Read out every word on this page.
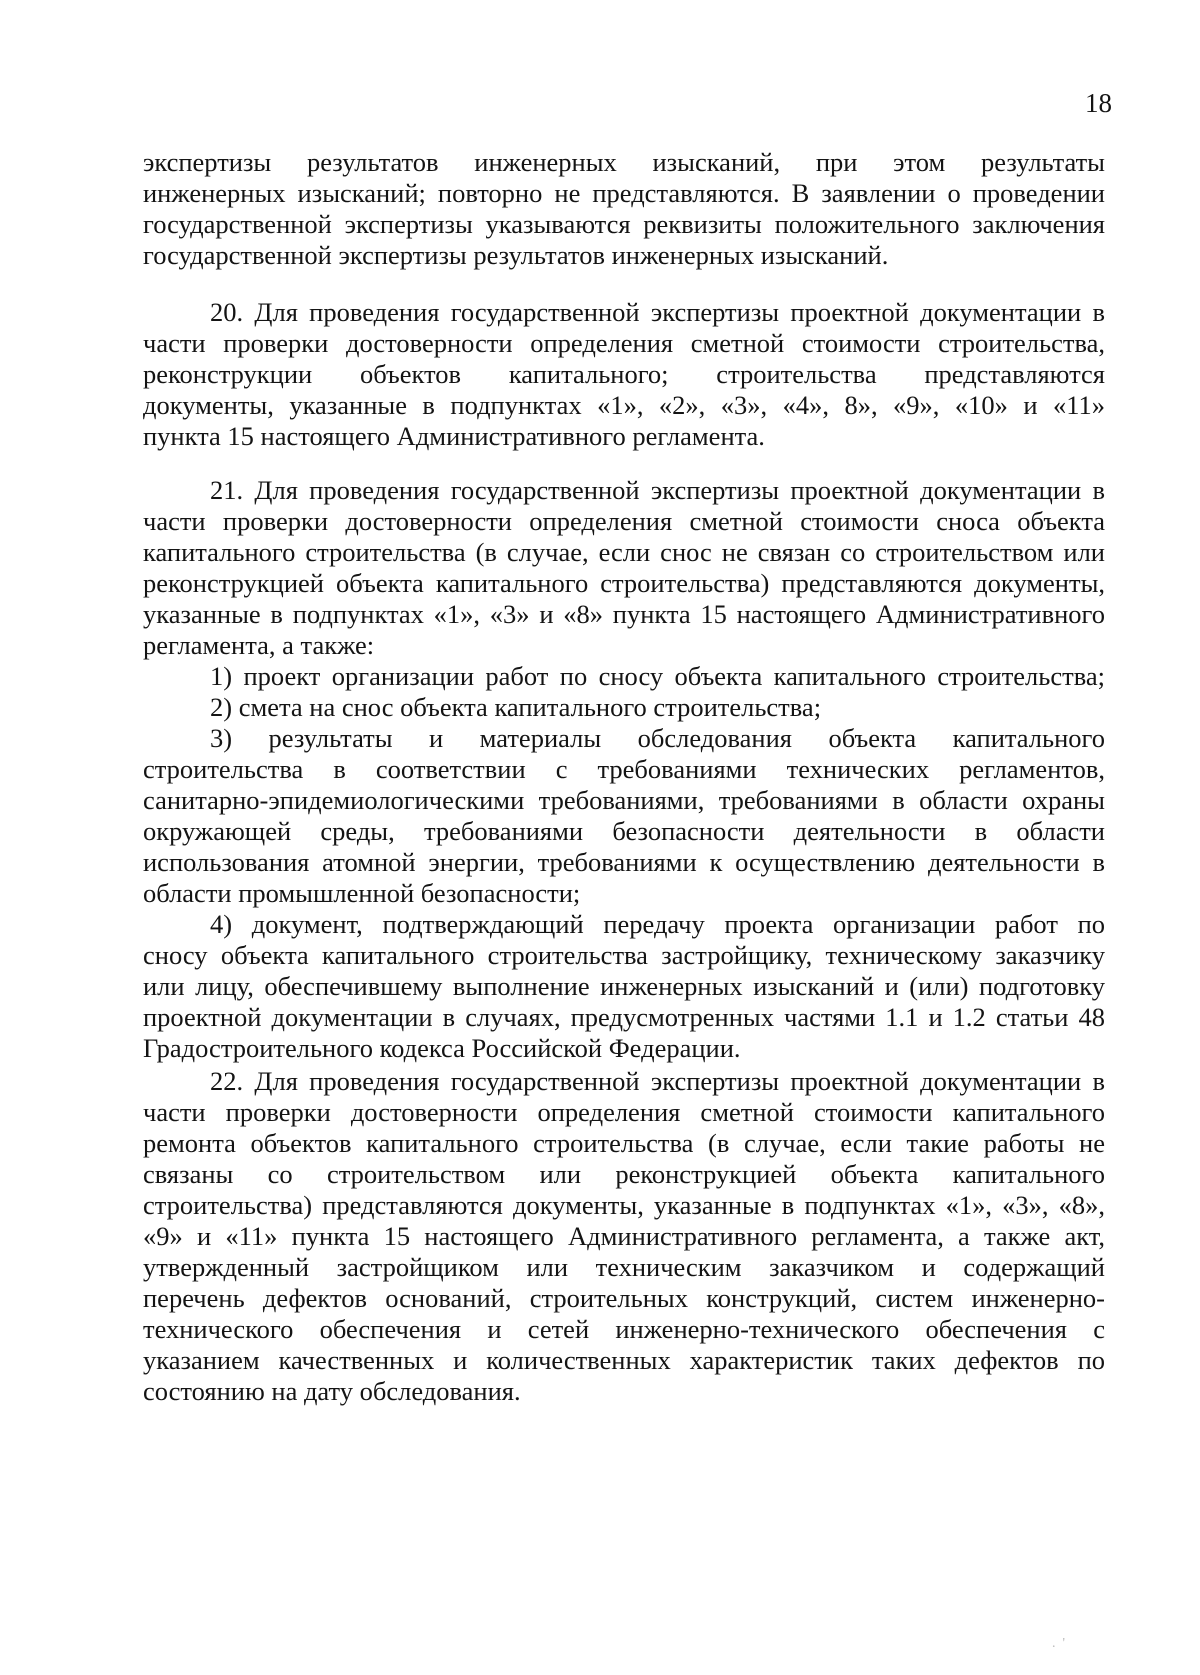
18
экспертизы результатов инженерных изысканий, при этом результаты
инженерных изысканий; повторно не представляются. В заявлении о проведении
государственной экспертизы указываются реквизиты положительного заключения
государственной экспертизы результатов инженерных изысканий.
20. Для проведения государственной экспертизы проектной документации в
части проверки достоверности определения сметной стоимости строительства,
реконструкции объектов капитального; строительства представляются
документы, указанные в подпунктах «1», «2», «3», «4», 8», «9», «10» и «11»
пункта 15 настоящего Административного регламента.
21. Для проведения государственной экспертизы проектной документации в
части проверки достоверности определения сметной стоимости сноса объекта
капитального строительства (в случае, если снос не связан со строительством или
реконструкцией объекта капитального строительства) представляются документы,
указанные в подпунктах «1», «3» и «8» пункта 15 настоящего Административного
регламента, а также:
1) проект организации работ по сносу объекта капитального строительства;
2) смета на снос объекта капитального строительства;
3) результаты и материалы обследования объекта капитального
строительства в соответствии с требованиями технических регламентов,
санитарно-эпидемиологическими требованиями, требованиями в области охраны
окружающей среды, требованиями безопасности деятельности в области
использования атомной энергии, требованиями к осуществлению деятельности в
области промышленной безопасности;
4) документ, подтверждающий передачу проекта организации работ по
сносу объекта капитального строительства застройщику, техническому заказчику
или лицу, обеспечившему выполнение инженерных изысканий и (или) подготовку
проектной документации в случаях, предусмотренных частями 1.1 и 1.2 статьи 48
Градостроительного кодекса Российской Федерации.
22. Для проведения государственной экспертизы проектной документации в
части проверки достоверности определения сметной стоимости капитального
ремонта объектов капитального строительства (в случае, если такие работы не
связаны со строительством или реконструкцией объекта капитального
строительства) представляются документы, указанные в подпунктах «1», «3», «8»,
«9» и «11» пункта 15 настоящего Административного регламента, а также акт,
утвержденный застройщиком или техническим заказчиком и содержащий
перечень дефектов оснований, строительных конструкций, систем инженерно-
технического обеспечения и сетей инженерно-технического обеспечения с
указанием качественных и количественных характеристик таких дефектов по
состоянию на дату обследования.
.  '
